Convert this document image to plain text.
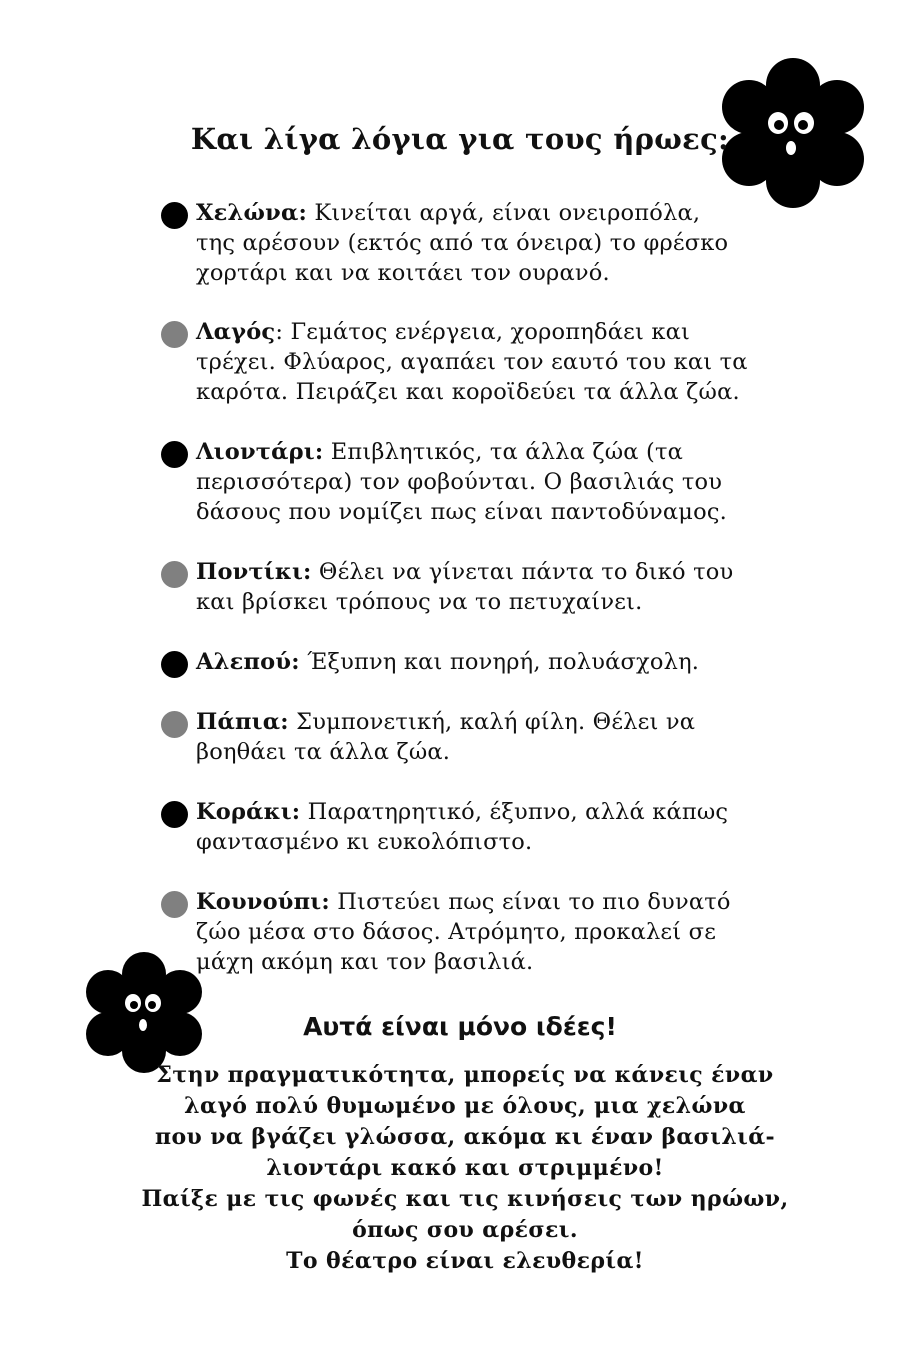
Και λίγα λόγια για τους ήρωες:
Χελώνα: Κινείται αργά, είναι ονειροπόλα,
της αρέσουν (εκτός από τα όνειρα) το φρέσκο
χορτάρι και να κοιτάει τον ουρανό.
Λαγός: Γεμάτος ενέργεια, χοροπηδάει και
τρέχει. Φλύαρος, αγαπάει τον εαυτό του και τα
καρότα. Πειράζει και κοροϊδεύει τα άλλα ζώα.
Λιοντάρι: Επιβλητικός, τα άλλα ζώα (τα
περισσότερα) τον φοβούνται. Ο βασιλιάς του
δάσους που νομίζει πως είναι παντοδύναμος.
Ποντίκι: Θέλει να γίνεται πάντα το δικό του
και βρίσκει τρόπους να το πετυχαίνει.
Αλεπού: Έξυπνη και πονηρή, πολυάσχολη.
Πάπια: Συμπονετική, καλή φίλη. Θέλει να
βοηθάει τα άλλα ζώα.
Κοράκι: Παρατηρητικό, έξυπνο, αλλά κάπως
φαντασμένο κι ευκολόπιστο.
Κουνούπι: Πιστεύει πως είναι το πιο δυνατό
ζώο μέσα στο δάσος. Ατρόμητο, προκαλεί σε
μάχη ακόμη και τον βασιλιά.
Αυτά είναι μόνο ιδέες!

Στην πραγματικότητα, μπορείς να κάνεις έναν
λαγό πολύ θυμωμένο με όλους, μια χελώνα
που να βγάζει γλώσσα, ακόμα κι έναν βασιλιά-
λιοντάρι κακό και στριμμένο!
Παίξε με τις φωνές και τις κινήσεις των ηρώων,
όπως σου αρέσει.
Το θέατρο είναι ελευθερία!
